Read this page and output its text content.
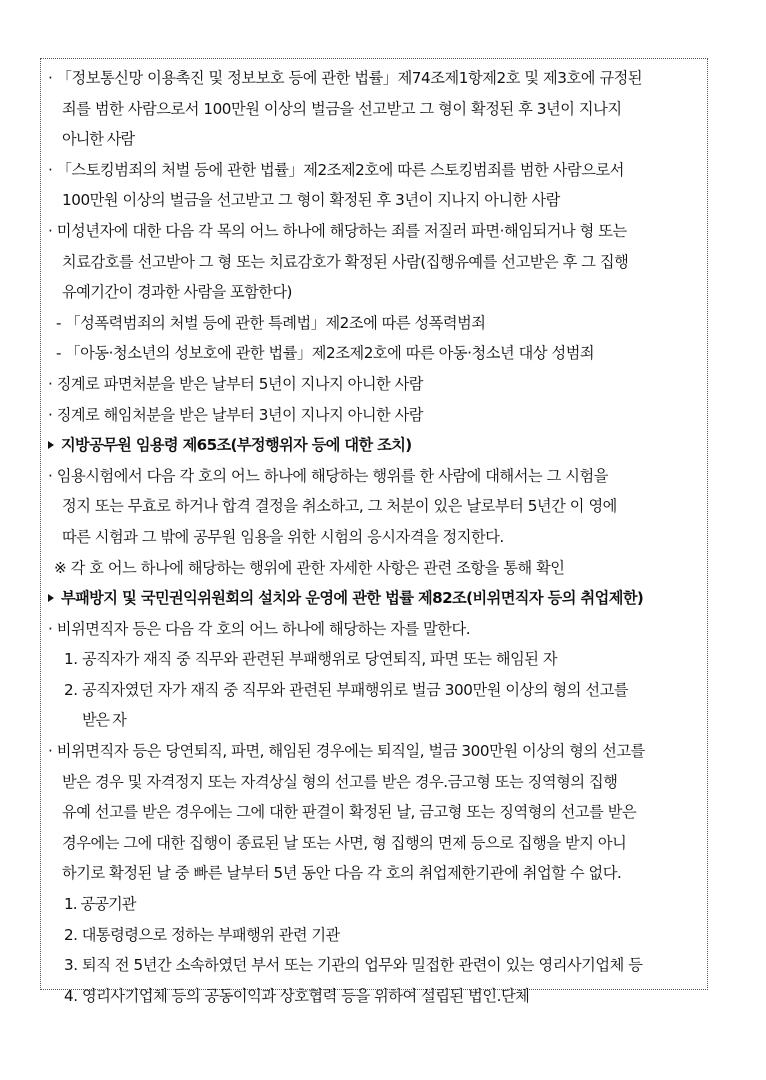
· 「정보통신망 이용촉진 및 정보보호 등에 관한 법률」제74조제1항제2호 및 제3호에 규정된
죄를 범한 사람으로서 100만원 이상의 벌금을 선고받고 그 형이 확정된 후 3년이 지나지
아니한 사람
· 「스토킹범죄의 처벌 등에 관한 법률」제2조제2호에 따른 스토킹범죄를 범한 사람으로서
100만원 이상의 벌금을 선고받고 그 형이 확정된 후 3년이 지나지 아니한 사람
· 미성년자에 대한 다음 각 목의 어느 하나에 해당하는 죄를 저질러 파면·해임되거나 형 또는
치료감호를 선고받아 그 형 또는 치료감호가 확정된 사람(집행유예를 선고받은 후 그 집행
유예기간이 경과한 사람을 포함한다)
- 「성폭력범죄의 처벌 등에 관한 특례법」제2조에 따른 성폭력범죄
- 「아동·청소년의 성보호에 관한 법률」제2조제2호에 따른 아동·청소년 대상 성범죄
· 징계로 파면처분을 받은 날부터 5년이 지나지 아니한 사람
· 징계로 해임처분을 받은 날부터 3년이 지나지 아니한 사람
지방공무원 임용령 제65조(부정행위자 등에 대한 조치)
· 임용시험에서 다음 각 호의 어느 하나에 해당하는 행위를 한 사람에 대해서는 그 시험을
정지 또는 무효로 하거나 합격 결정을 취소하고, 그 처분이 있은 날로부터 5년간 이 영에
따른 시험과 그 밖에 공무원 임용을 위한 시험의 응시자격을 정지한다.
※ 각 호 어느 하나에 해당하는 행위에 관한 자세한 사항은 관련 조항을 통해 확인
부패방지 및 국민권익위원회의 설치와 운영에 관한 법률 제82조(비위면직자 등의 취업제한)
· 비위면직자 등은 다음 각 호의 어느 하나에 해당하는 자를 말한다.
1. 공직자가 재직 중 직무와 관련된 부패행위로 당연퇴직, 파면 또는 해임된 자
2. 공직자였던 자가 재직 중 직무와 관련된 부패행위로 벌금 300만원 이상의 형의 선고를
받은 자
· 비위면직자 등은 당연퇴직, 파면, 해임된 경우에는 퇴직일, 벌금 300만원 이상의 형의 선고를
받은 경우 및 자격정지 또는 자격상실 형의 선고를 받은 경우.금고형 또는 징역형의 집행
유예 선고를 받은 경우에는 그에 대한 판결이 확정된 날, 금고형 또는 징역형의 선고를 받은
경우에는 그에 대한 집행이 종료된 날 또는 사면, 형 집행의 면제 등으로 집행을 받지 아니
하기로 확정된 날 중 빠른 날부터 5년 동안 다음 각 호의 취업제한기관에 취업할 수 없다.
1. 공공기관
2. 대통령령으로 정하는 부패행위 관련 기관
3. 퇴직 전 5년간 소속하였던 부서 또는 기관의 업무와 밀접한 관련이 있는 영리사기업체 등
4. 영리사기업체 등의 공동이익과 상호협력 등을 위하여 설립된 법인.단체
